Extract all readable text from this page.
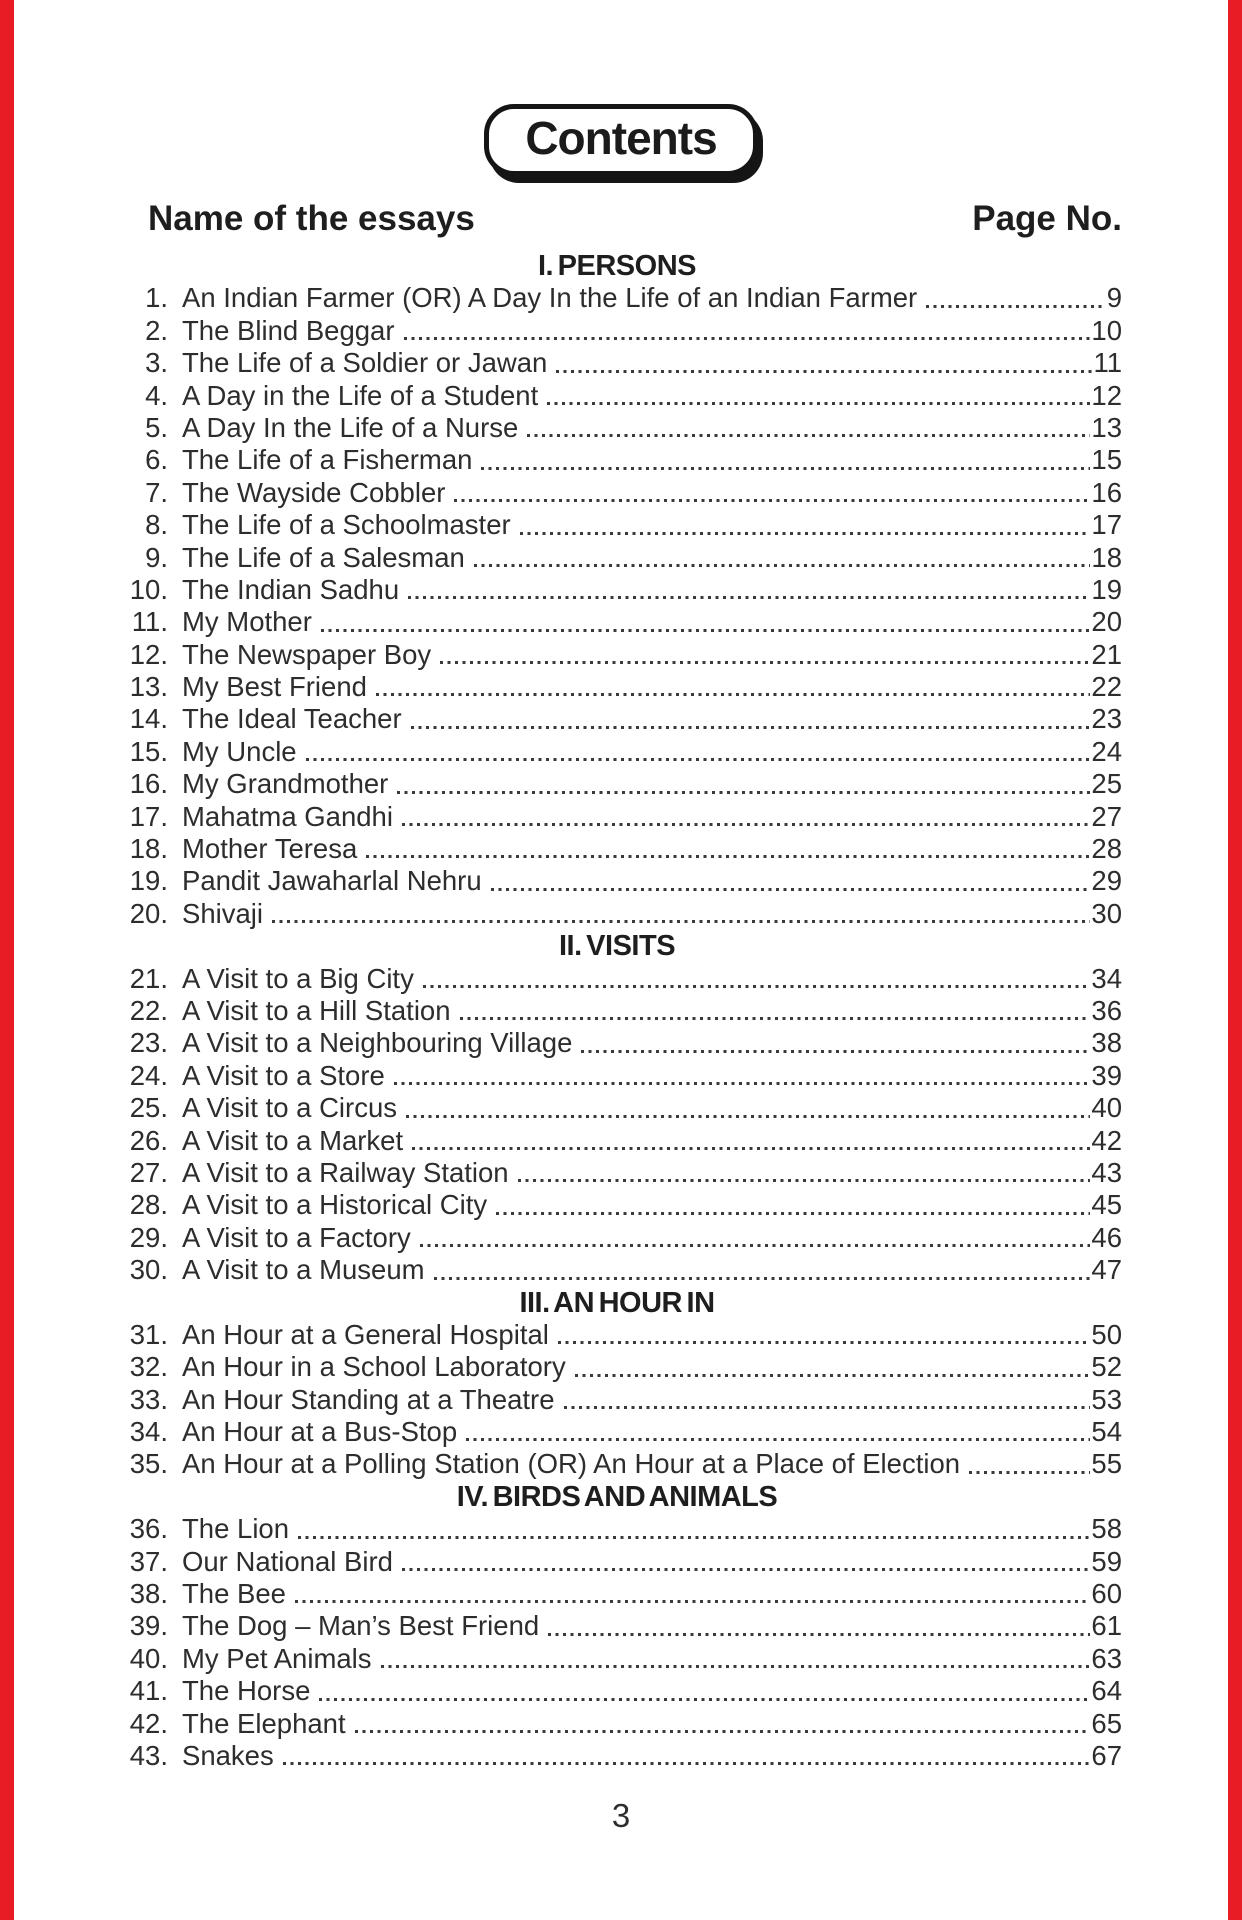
Contents
Name of the essays	Page No.
I. PERSONS
1. An Indian Farmer (OR) A Day In the Life of an Indian Farmer	9
2. The Blind Beggar	10
3. The Life of a Soldier or Jawan	11
4. A Day in the Life of a Student	12
5. A Day In the Life of a Nurse	13
6. The Life of a Fisherman	15
7. The Wayside Cobbler	16
8. The Life of a Schoolmaster	17
9. The Life of a Salesman	18
10. The Indian Sadhu	19
11. My Mother	20
12. The Newspaper Boy	21
13. My Best Friend	22
14. The Ideal Teacher	23
15. My Uncle	24
16. My Grandmother	25
17. Mahatma Gandhi	27
18. Mother Teresa	28
19. Pandit Jawaharlal Nehru	29
20. Shivaji	30
II. VISITS
21. A Visit to a Big City	34
22. A Visit to a Hill Station	36
23. A Visit to a Neighbouring Village	38
24. A Visit to a Store	39
25. A Visit to a Circus	40
26. A Visit to a Market	42
27. A Visit to a Railway Station	43
28. A Visit to a Historical City	45
29. A Visit to a Factory	46
30. A Visit to a Museum	47
III. AN HOUR IN
31. An Hour at a General Hospital	50
32. An Hour in a School Laboratory	52
33. An Hour Standing at a Theatre	53
34. An Hour at a Bus-Stop	54
35. An Hour at a Polling Station (OR) An Hour at a Place of Election	55
IV. BIRDS AND ANIMALS
36. The Lion	58
37. Our National Bird	59
38. The Bee	60
39. The Dog – Man’s Best Friend	61
40. My Pet Animals	63
41. The Horse	64
42. The Elephant	65
43. Snakes	67
3
